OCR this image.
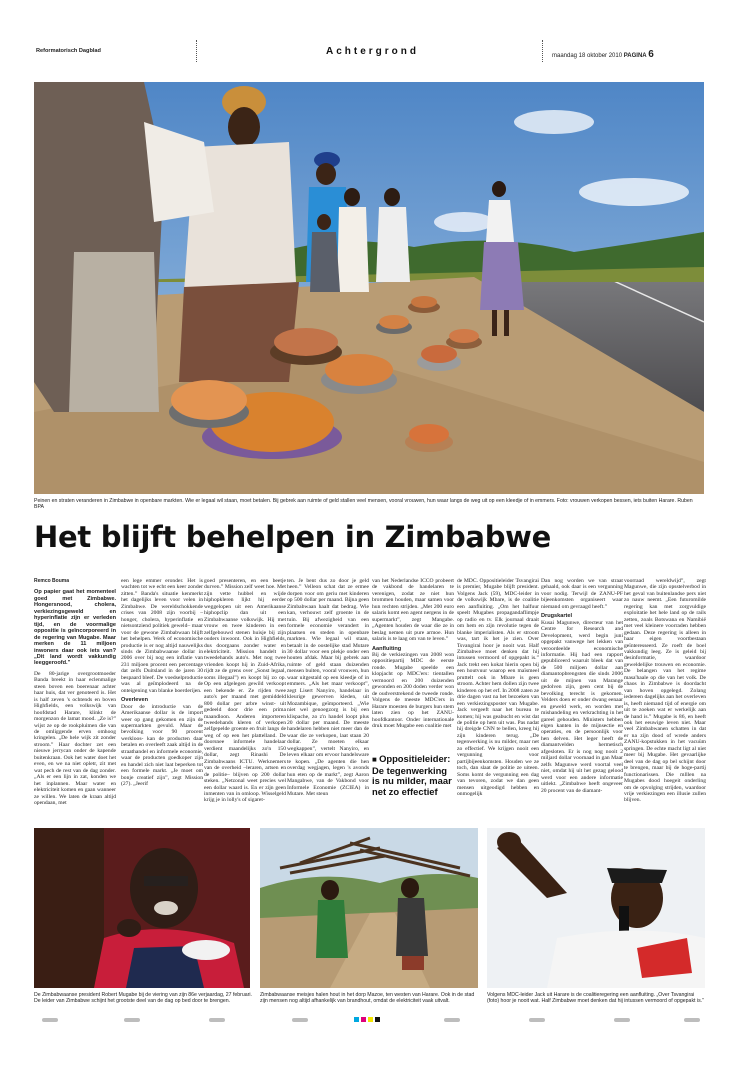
Reformatorisch Dagblad	Achtergrond	maandag 18 oktober 2010 PAGINA 6
Peinen en straten veranderen in Zimbabwe in openbare markten. Wie er legaal wil staan, moet betalen. Bij gebrek aan ruimte of geld stallen veel mensen, vooral vrouwen, hun waar langs de weg uit op een kleedje of in emmers. Foto: vrouwen verkopen bessen, iets buiten Harare. Ruben BPA
Het blijft behelpen in Zimbabwe
Remco Bouma
Op papier gaat het momenteel goed met Zimbabwe. Hongersnood, cholera, verkiezingsgeweld en hyperinflatie zijn er verleden tijd, en de voormalige oppositie is geïncorporeerd in de regering van Mugabe. Maar merken de 11 miljoen inwoners daar ook iets van? „Dit land wordt vakkundig leeggeroofd.”

De 80-jarige overgrootmoeder Banda breekt in haar eclenmalige steen boven een boerenaar achter haar huis, dat ver genoteerd is. Het is half zeven 's ochtends en boven Highfields, een volkswijk van hoofdstad Harare, klinkt de morgenzon de lamat mood. „Ze is?” wijst ze op de rookpluimen die van de omliggende erven omhoog kringelen. „De hele wijk zit zonder stroom.” Haar dochter zet een nieuwe jerrycan onder de kapende buitenkraan. Ook het water doet het even, en we na niet opletr, zit met wat pech de rest van de dag zonder. „Als er een lijn in zat, konden we het inplannen. Maar water en elektriciteit komen en gaan wanneer ze willen. We laten de kraan altijd opendaan, met

een lege emmer eronder. Het is wachten tot we echt een keer zonder zitten.” Banda's situatie kenmerkt het dagelijks leven voor velen in Zimbabwe. De wereldschokkende crises van 2008 zijn voorbij –honger, cholera, hyperinflatie en nietsontziend politiek geweld– maar voor de gewone Zimbabwaan blijft het behelpen. Werk of economische productie is er nog altijd nauwelijks sinds de Zimbabwaanse dollar in 2006 over bij nog een inflatie van 231 miljoen procent een percentage dat zelfs Duitsland in de jaren 30 bespaard bleef. De voedselproductie was al geïmplodeerd na de onteigening van blanke boerderijen.

Overleven

Door de introductie van de Amerikaanse dollar is de import weer op gang gekomen en zijn de supermarkten gevuld. Maar de bevolking voor 90 procent werkloos- kan de producten daar betalen en overleeft zaak altijd in de straathandel en informele economie, waar de producten goedkoper zijn en handel zich niet laat beperken tot een formele markt. „Je moet om bonje creatief zijn”, zegt Mission (27). „Jeerif

goed presenteren, en een beetje durven.” Mission zelf weet hoe. Met zijn vette hubbel en wijde hiphopkleren lijkt hij eerder weggelopen uit een Amerikaanse hiphopclip dan uit een Zimbabwaanse volkswijk. Hij met vrouw en twee kinderen in een zelfgebouwd stenen huisje bij zijn ouders inwoont. Ook in Highfields, dus doorgaans zonder water en elektriciteit. Mission handelt in tweedehands auto's. Met nog twee vrienden koopt hij in Zuid-Afrika, rijdt ze de grens over „Sonst legaal, soms illegaal”) en koopt bij zo op. Op een afgelegen gewild verkoopt een bekende er. Ze rijden twee auto's per maand met gemiddeld 800 dollar per arbre winst- uit gedeeld door drie een prima maandloon. Anderen importeren tweedehands kleren of verkopen zelfgepelde groente en fruit langs de weg of op een het plattelland. De doorsnee informele handelaar verdient maandelijks zo'n 150 dollar, zegt Rinashi De Zimbabwaans ICTU. Werknemers van de overheid –leraren, artsen en de politie– blijven op 200 dollar steken. „Netzonal weet precies wel een dollar waard is. En er zijn geen inmenten van in omloop. Wisselgeld krijg je in lolly's of sigaret-

ten. Je bent dus zo door je geld heen.” Velleon schat dat ze ermee dorpen voor om geriu met kinderen op 500 dollar per maand. Bijna geen Zimbabwaan haalt dat bedrag. Wie kan, verhouwt zelf groente in de tuin. Bij afwezigheid van een formele economie verandert in plaatsen en steden in openbare markten. Wie legaal wil staan, betaalt in de oostelijke stad Mutare 30 dollar voor een plekje onder een houten afdak. Maar bij gebrek aan ruimte of geld staan duizenden mensen buiten, vooral vrouwen, hun waar uitgestald op een kleedje of in emmers. „Als het maar verkoopt”, zegt Lisert Nanyiro, handelaar in kleurige gewerven kleden, uit Mozambique, geïmporteerd. „Wie niet wel genoegzorg is bij een klispache, zo z'n handel loopt plus 20 dollar per maand. De meeste handelaren hebben niet meer dan de waar die ze verkopen, laat staan 20 dollar. Ze moeten elkaar wegkappen”, vertelt Nanyiro, en leven elkaar om ervoor handelsware te kopen. „De agenten die hen overdag wegjagen, legen 's avonds hun eten op de markt”, zegt Aaron Mangabwe, van de Vakbond voor Informele Economie (ZCIEA) in Mutare. Met steun

van het Nederlandse ICCO probeert de vakbond de handelaren te verenigen, zodat ze niet hun brommen houden, maar samen voor hun rechten strijden. „Met 200 euro salaris komt een agent nergens in de supermarkt”, zegt Mangabe. „Agenten houden de waar die ze in beslag nemen uit pure armoe. Hun salaris is te laag om van te leven.”

Aanfluiting

Bij de verkiezingen van 2008 won oppositiepartij MDC de eerste ronde. Mugabe speelde een klopjacht op MDC'ers: tientallen vermoord en 200 duizenden gewonden en 200 doden verder won de oudverstrekend de tweede ronde. Volgens de meeste MDC'ers in Harare moesten de burgers hun stem laten zien op het ZANU-hoofdkantoor. Onder internationale druk moet Mugabe een coalitie met

■ Oppositieleider: De tegenwerking is nu milder, maar net zo effectief

de MDC. Oppositieleider Tsvangirai is premier, Mugabe blijft president. Volgens Jack (59), MDC-leider in de volkswijk Mbare, is de coalitie een aanfluiting. „Om het halfuur speelt Mugabes propagandaflimpje op radio en tv. Elk journaal draait om hem en zijn revolutie tegen de blanke imperialisten. Als er stroom was, tart ik het je zien. Over Tsvangirai hoor je nooit wat. Half Zimbabwe moet denken dat hij intussen vermoord of opgepakt is.” Jack trekt een kokat hierin open bij een houtvuur waarop een maïsmeel pruttelt ook in Mbare is geen stroom. Achter hem dollen zijn twee kinderen op het erf. In 2008 zaten ze drie dagen vast na het bezoeken van een verkiezingsposter van Mugabe. Jack vergeeft naar het bureau te komen; hij was geabucht en wist dat de politie op hem uit was. Pas nadat hij dreigde CNN te bellen, kreeg hij zijn kinderen terug. „De tegenwerking is nu milder, maar net zo effectief. We krijgen nooit een vergunning voor partijbijeenkomsten. Houden we ze toch, dan slaat de politie ze uiteen. Soms komt de vergunning een dag van tevoren, zodat we dan geen mensen uitgeodigd hebben en onmogelijk

Dan nog worden we van straat gehaald, ook daar is een vergunning voor nodig. Terwijl de ZANU-PF bijeenkomsten organiseert waar niemand om gevraagd heeft.”

Drugskartel

Kusai Magunwe, directeur van het Centre for Research and Development, werd begin juni opgepakt vanwege het lekken van veroordeelde economische informatie. Hij had een rapport gepubliceerd waaruit bleek dat van de 500 miljoen dollar aan diamantopbrengsten die sinds 2006 uit de mijnen van Marange gedolven zijn, geen cent bij de bevolking terecht is gekomen. Velders doen er onder dwang eenaar en geweld werk, en worden met mishandeling en verkrachting in het gareel gehouden. Ministers hebben eigen kanten in de mijnsectie en operaties, en de persoonlijk voor hen delven. Het leger heeft de diamantvelden hermetisch afgesloten. Er is nog nog nooit 2 miljard dollar voornaad in gan Maar zelfs Magunwe werd voortal veel niet, omdat hij uit het gezag gelood werd voor een andere informatie uitlekt. „Zimbabwe heeft ongeveer 20 procent van de diamant-

voorraad wereldwijd”, zegt Magunwe, die zijn opsstelverbod in het geval van buitenlandse pers niet zo nauw neemt. „Een futuromilde regering kan met zorgvuldige exploitatie het hele land op de rails zetten, zoals Botswana en Namibië met veel kleinere voorraden hebben gedaan. Deze regering is alleen in haar eigen voortbestaan geïnteresseerd. Ze roeft de boel vakkundig leeg. Ze is geleid bij desinformatie, waardoor geweldelijke trouwen en economie. De belangen van het regime masa'haale op die van het volk. De chaos in Zimbabwe is doordacht van hoven opgelegd. Zolang iedereen dagelijks aan het overleven is, heeft niemand tijd of energie om uit te zoeken wat er werkelijk aan de hand is.” Mugabe is 86, en heeft ook het eeuwige leven niet. Maar veel Zimbabwanen schatten in dat er na zijn dood of wrede anders ZANU-kopstukken in het vacuüm springen. De echte macht ligt al niet meer bij Mugabe. Het gevaarlijke deel van de dag op bel schijnt door te brengen, maar bij de hoge-partij functionarissen. Die mlllen na Mugabes dood hoegeit onderling om de opvolging strijden, waardoor vrije verkiezingen een illusie zullen blijven.

De Zimbabwaanse president Robert Mugabe bij de viering van zijn 86e verjaardag, 27 februari. De leider van Zimbabwe schijnt het grootste deel van de dag op bed door te brengen.
Zimbabwaanse meisjes halen hout in het dorp Mazoe, ten westen van Harare. Ook in de stad zijn mensen nog altijd afhankelijk van brandhout, omdat de elektriciteit vaak uitvalt.
Volgens MDC-leider Jack uit Harare is de coalitieregering een aanfluiting. „Over Tsvangirai (foto) hoor je nooit wat. Half Zimbabwe moet denken dat hij intussen vermoord of opgepakt is.”
